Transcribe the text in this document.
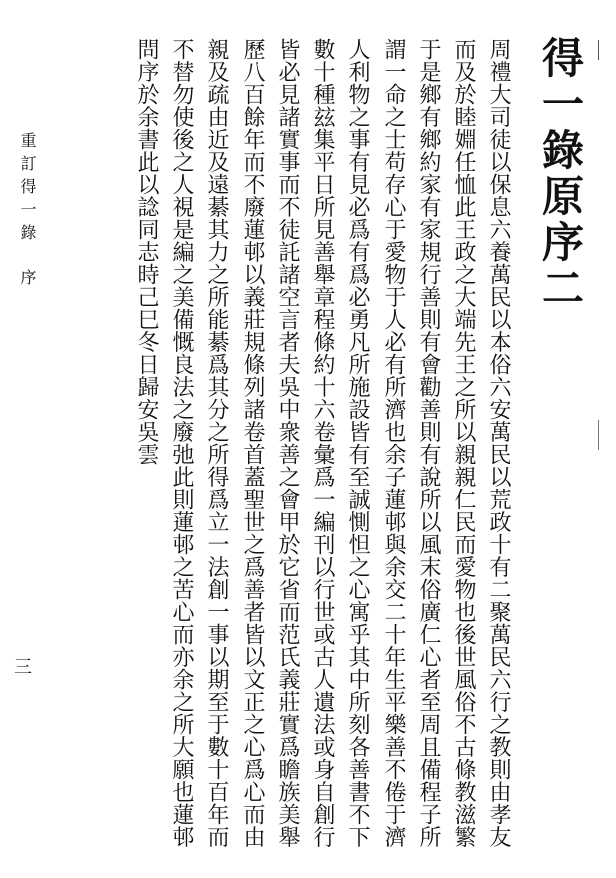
得一錄原序二
周禮大司徒以保息六養萬民以本俗六安萬民以荒政十有二聚萬民六行之教則由孝友
而及於睦婣任恤此王政之大端先王之所以親親仁民而愛物也後世風俗不古條教滋繁
于是鄉有鄉約家有家規行善則有會勸善則有說所以風末俗廣仁心者至周且備程子所
謂一命之士苟存心于愛物于人必有所濟也余子蓮邨與余交二十年生平樂善不倦于濟
人利物之事有見必爲有爲必勇凡所施設皆有至誠惻怛之心寓乎其中所刻各善書不下
數十種玆集平日所見善舉章程條約十六卷彙爲一編刊以行世或古人遺法或身自創行
皆必見諸實事而不徒託諸空言者夫吳中衆善之會甲於它省而范氏義莊實爲瞻族美舉
歷八百餘年而不廢蓮邨以義莊規條列諸卷首蓋聖世之爲善者皆以文正之心爲心而由
親及疏由近及遠綦其力之所能綦爲其分之所得爲立一法創一事以期至于數十百年而
不替勿使後之人視是編之美備慨良法之廢弛此則蓮邨之苦心而亦余之所大願也蓮邨
問序於余書此以諗同志時己巳冬日歸安吳雲
重訂得一錄序
三
